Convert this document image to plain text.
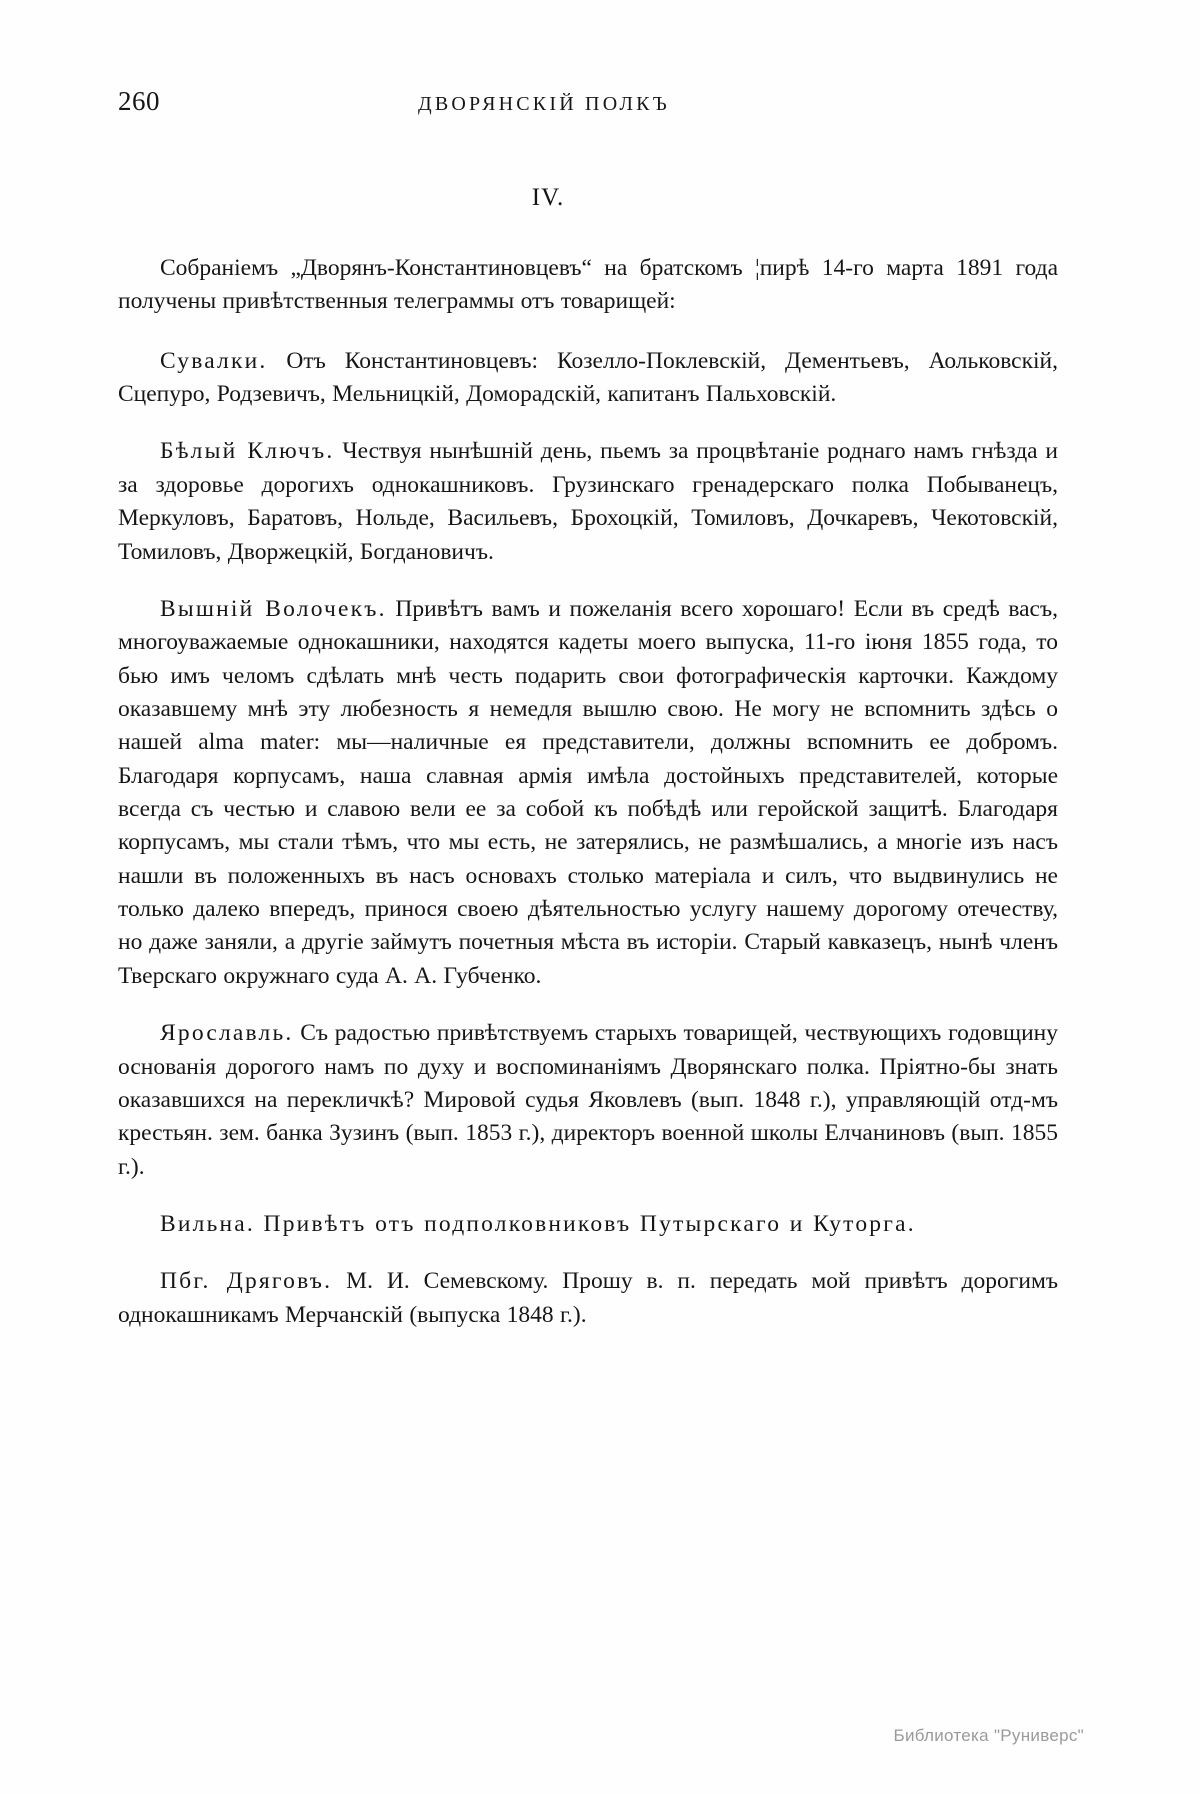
260	ДВОРЯНСКІЙ ПОЛКЪ
IV.

Собраніемъ „Дворянъ-Константиновцевъ“ на братскомъ ¦пирѣ 14-го марта 1891 года получены привѣтственныя телеграммы отъ товарищей:

Сувалки. Отъ Константиновцевъ: Козелло-Поклевскій, Дементьевъ, Аольковскій, Сцепуро, Родзевичъ, Мельницкій, Доморадскій, капитанъ Пальховскій.

Бѣлый Ключъ. Чествуя нынѣшній день, пьемъ за процвѣтаніе роднаго намъ гнѣзда и за здоровье дорогихъ однокашниковъ. Грузинскаго гренадерскаго полка Побыванецъ, Меркуловъ, Баратовъ, Нольде, Васильевъ, Брохоцкій, Томиловъ, Дочкаревъ, Чекотовскій, Томиловъ, Дворжецкій, Богдановичъ.

Вышній Волочекъ. Привѣтъ вамъ и пожеланія всего хорошаго! Если въ средѣ васъ, многоуважаемые однокашники, находятся кадеты моего выпуска, 11-го іюня 1855 года, то бью имъ челомъ сдѣлать мнѣ честь подарить свои фотографическія карточки. Каждому оказавшему мнѣ эту любезность я немедля вышлю свою. Не могу не вспомнить здѣсь о нашей alma mater: мы—наличные ея представители, должны вспомнить ее добромъ. Благодаря корпусамъ, наша славная армія имѣла достойныхъ представителей, которые всегда съ честью и славою вели ее за собой къ побѣдѣ или геройской защитѣ. Благодаря корпусамъ, мы стали тѣмъ, что мы есть, не затерялись, не размѣшались, а многіе изъ насъ нашли въ положенныхъ въ насъ основахъ столько матеріала и силъ, что выдвинулись не только далеко впередъ, принося своею дѣятельностью услугу нашему дорогому отечеству, но даже заняли, а другіе займутъ почетныя мѣста въ исторіи. Старый кавказецъ, нынѣ членъ Тверскаго окружнаго суда А. А. Губченко.

Ярославль. Съ радостью привѣтствуемъ старыхъ товарищей, чествующихъ годовщину основанія дорогого намъ по духу и воспоминаніямъ Дворянскаго полка. Пріятно-бы знать оказавшихся на перекличкѣ? Мировой судья Яковлевъ (вып. 1848 г.), управляющій отд-мъ крестьян. зем. банка Зузинъ (вып. 1853 г.), директоръ военной школы Елчаниновъ (вып. 1855 г.).

Вильна. Привѣтъ отъ подполковниковъ Путырскаго и Куторга.

Пбг. Дряговъ. М. И. Семевскому. Прошу в. п. передать мой привѣтъ дорогимъ однокашникамъ Мерчанскій (выпуска 1848 г.).

Библиотека "Руниверс"
